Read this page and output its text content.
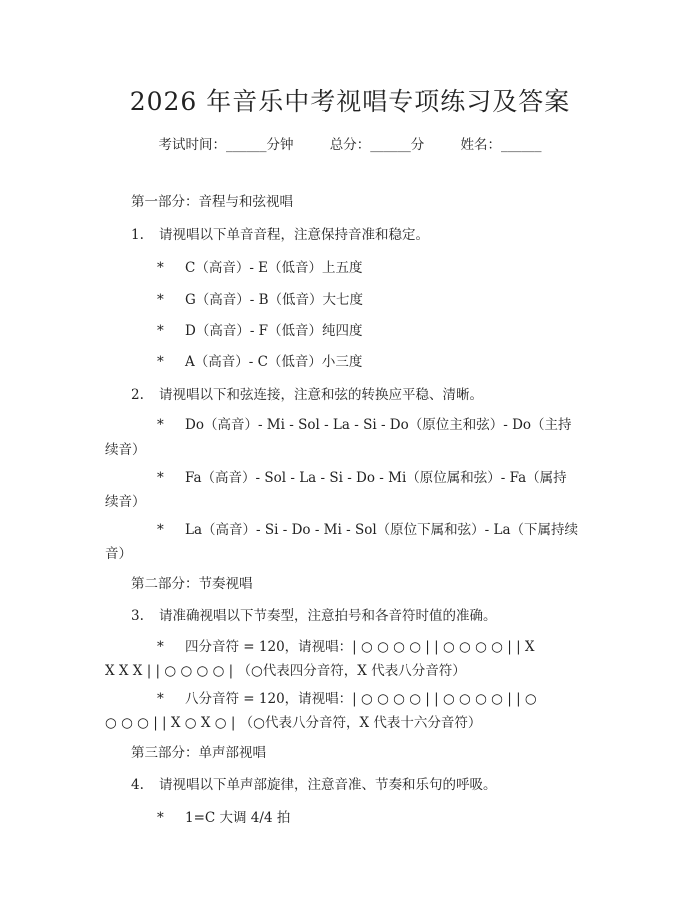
2026 年音乐中考视唱专项练习及答案
考试时间：______分钟	总分：______分	姓名：______
第一部分：音程与和弦视唱
1. 请视唱以下单音音程，注意保持音准和稳定。
* C（高音）- E（低音）上五度
* G（高音）- B（低音）大七度
* D（高音）- F（低音）纯四度
* A（高音）- C（低音）小三度
2. 请视唱以下和弦连接，注意和弦的转换应平稳、清晰。
* Do（高音）- Mi - Sol - La - Si - Do（原位主和弦）- Do（主持
续音）
* Fa（高音）- Sol - La - Si - Do - Mi（原位属和弦）- Fa（属持
续音）
* La（高音）- Si - Do - Mi - Sol（原位下属和弦）- La（下属持续
音）
第二部分：节奏视唱
3. 请准确视唱以下节奏型，注意拍号和各音符时值的准确。
* 四分音符 = 120，请视唱：| ○ ○ ○ ○ | | ○ ○ ○ ○ | | X
X X X | | ○ ○ ○ ○ | （○代表四分音符，X 代表八分音符）
* 八分音符 = 120，请视唱：| ○ ○ ○ ○ | | ○ ○ ○ ○ | | ○
○ ○ ○ | | X ○ X ○ | （○代表八分音符，X 代表十六分音符）
第三部分：单声部视唱
4. 请视唱以下单声部旋律，注意音准、节奏和乐句的呼吸。
* 1=C 大调 4/4 拍
